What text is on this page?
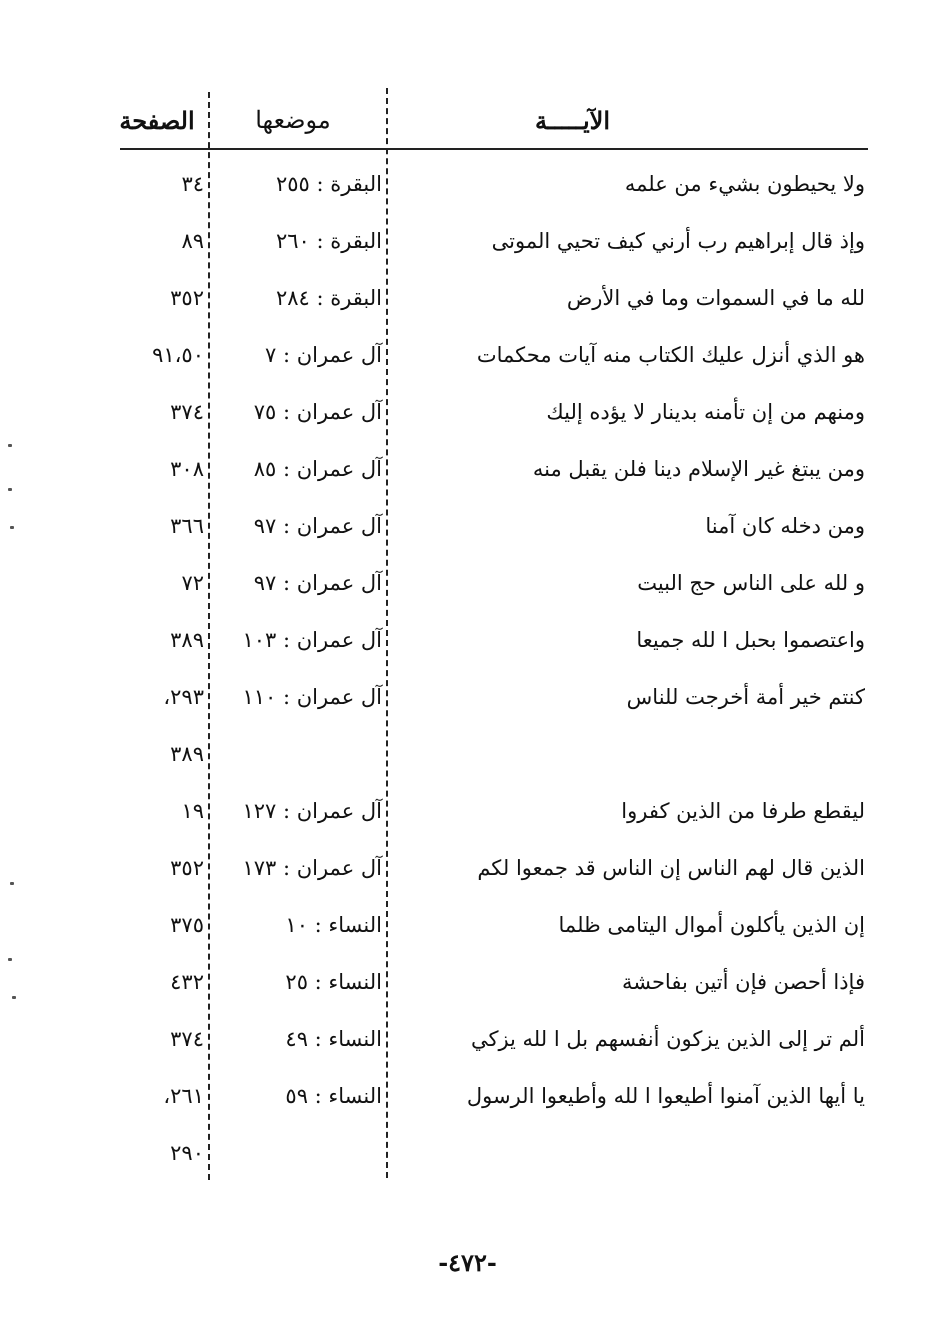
الآيـــــة
موضعها
الصفحة
ولا يحيطون بشيء من علمه
البقرة : ٢٥٥
٣٤
وإذ قال إبراهيم رب أرني كيف تحيي الموتى
البقرة : ٢٦٠
٨٩
لله ما في السموات وما في الأرض
البقرة : ٢٨٤
٣٥٢
هو الذي أنزل عليك الكتاب منه آيات محكمات
آل عمران : ٧
٩١،٥٠
ومنهم من إن تأمنه بدينار لا يؤده إليك
آل عمران : ٧٥
٣٧٤
ومن يبتغ غير الإسلام دينا فلن يقبل منه
آل عمران : ٨٥
٣٠٨
ومن دخله كان آمنا
آل عمران : ٩٧
٣٦٦
و لله على الناس حج البيت
آل عمران : ٩٧
٧٢
واعتصموا بحبل ا لله جميعا
آل عمران : ١٠٣
٣٨٩
كنتم خير أمة أخرجت للناس
آل عمران : ١١٠
٢٩٣،
٣٨٩
ليقطع طرفا من الذين كفروا
آل عمران : ١٢٧
١٩
الذين قال لهم الناس إن الناس قد جمعوا لكم
آل عمران : ١٧٣
٣٥٢
إن الذين يأكلون أموال اليتامى ظلما
النساء : ١٠
٣٧٥
فإذا أحصن فإن أتين بفاحشة
النساء : ٢٥
٤٣٢
ألم تر إلى الذين يزكون أنفسهم بل ا لله يزكي
النساء : ٤٩
٣٧٤
يا أيها الذين آمنوا أطيعوا ا لله وأطيعوا الرسول
النساء : ٥٩
٢٦١،
٢٩٠
-٤٧٢-
